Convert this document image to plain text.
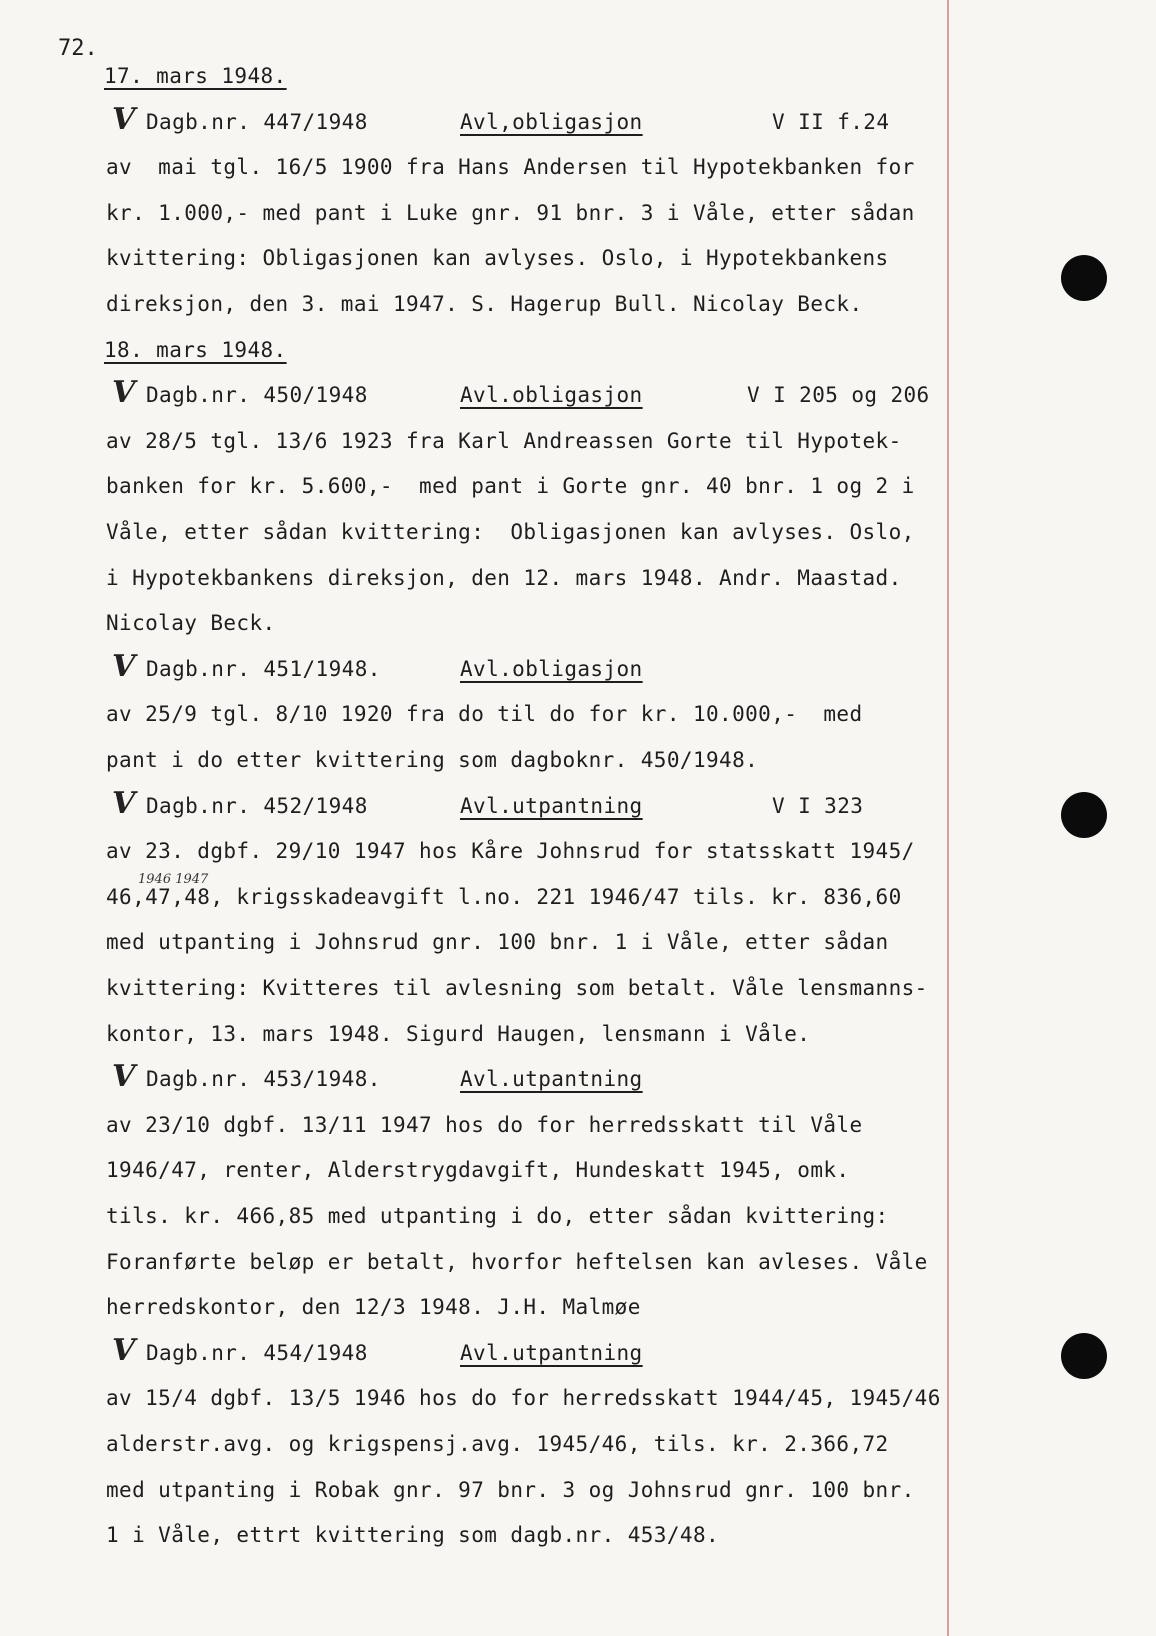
72.
1946 1947
17. mars 1948.
V Dagb.nr. 447/1948	Avl,obligasjon	V II f.24
av  mai tgl. 16/5 1900 fra Hans Andersen til Hypotekbanken for
kr. 1.000,- med pant i Luke gnr. 91 bnr. 3 i Våle, etter sådan
kvittering: Obligasjonen kan avlyses. Oslo, i Hypotekbankens
direksjon, den 3. mai 1947. S. Hagerup Bull. Nicolay Beck.
18. mars 1948.
V Dagb.nr. 450/1948	Avl.obligasjon	V I 205 og 206
av 28/5 tgl. 13/6 1923 fra Karl Andreassen Gorte til Hypotek-
banken for kr. 5.600,-  med pant i Gorte gnr. 40 bnr. 1 og 2 i
Våle, etter sådan kvittering:  Obligasjonen kan avlyses. Oslo,
i Hypotekbankens direksjon, den 12. mars 1948. Andr. Maastad.
Nicolay Beck.
V Dagb.nr. 451/1948.	Avl.obligasjon
av 25/9 tgl. 8/10 1920 fra do til do for kr. 10.000,-  med
pant i do etter kvittering som dagboknr. 450/1948.
V Dagb.nr. 452/1948	Avl.utpantning	V I 323
av 23. dgbf. 29/10 1947 hos Kåre Johnsrud for statsskatt 1945/
46,47,48, krigsskadeavgift l.no. 221 1946/47 tils. kr. 836,60
med utpanting i Johnsrud gnr. 100 bnr. 1 i Våle, etter sådan
kvittering: Kvitteres til avlesning som betalt. Våle lensmanns-
kontor, 13. mars 1948. Sigurd Haugen, lensmann i Våle.
V Dagb.nr. 453/1948.	Avl.utpantning
av 23/10 dgbf. 13/11 1947 hos do for herredsskatt til Våle
1946/47, renter, Alderstrygdavgift, Hundeskatt 1945, omk.
tils. kr. 466,85 med utpanting i do, etter sådan kvittering:
Foranførte beløp er betalt, hvorfor heftelsen kan avleses. Våle
herredskontor, den 12/3 1948. J.H. Malmøe
V Dagb.nr. 454/1948	Avl.utpantning
av 15/4 dgbf. 13/5 1946 hos do for herredsskatt 1944/45, 1945/46
alderstr.avg. og krigspensj.avg. 1945/46, tils. kr. 2.366,72
med utpanting i Robak gnr. 97 bnr. 3 og Johnsrud gnr. 100 bnr.
1 i Våle, ettrt kvittering som dagb.nr. 453/48.
